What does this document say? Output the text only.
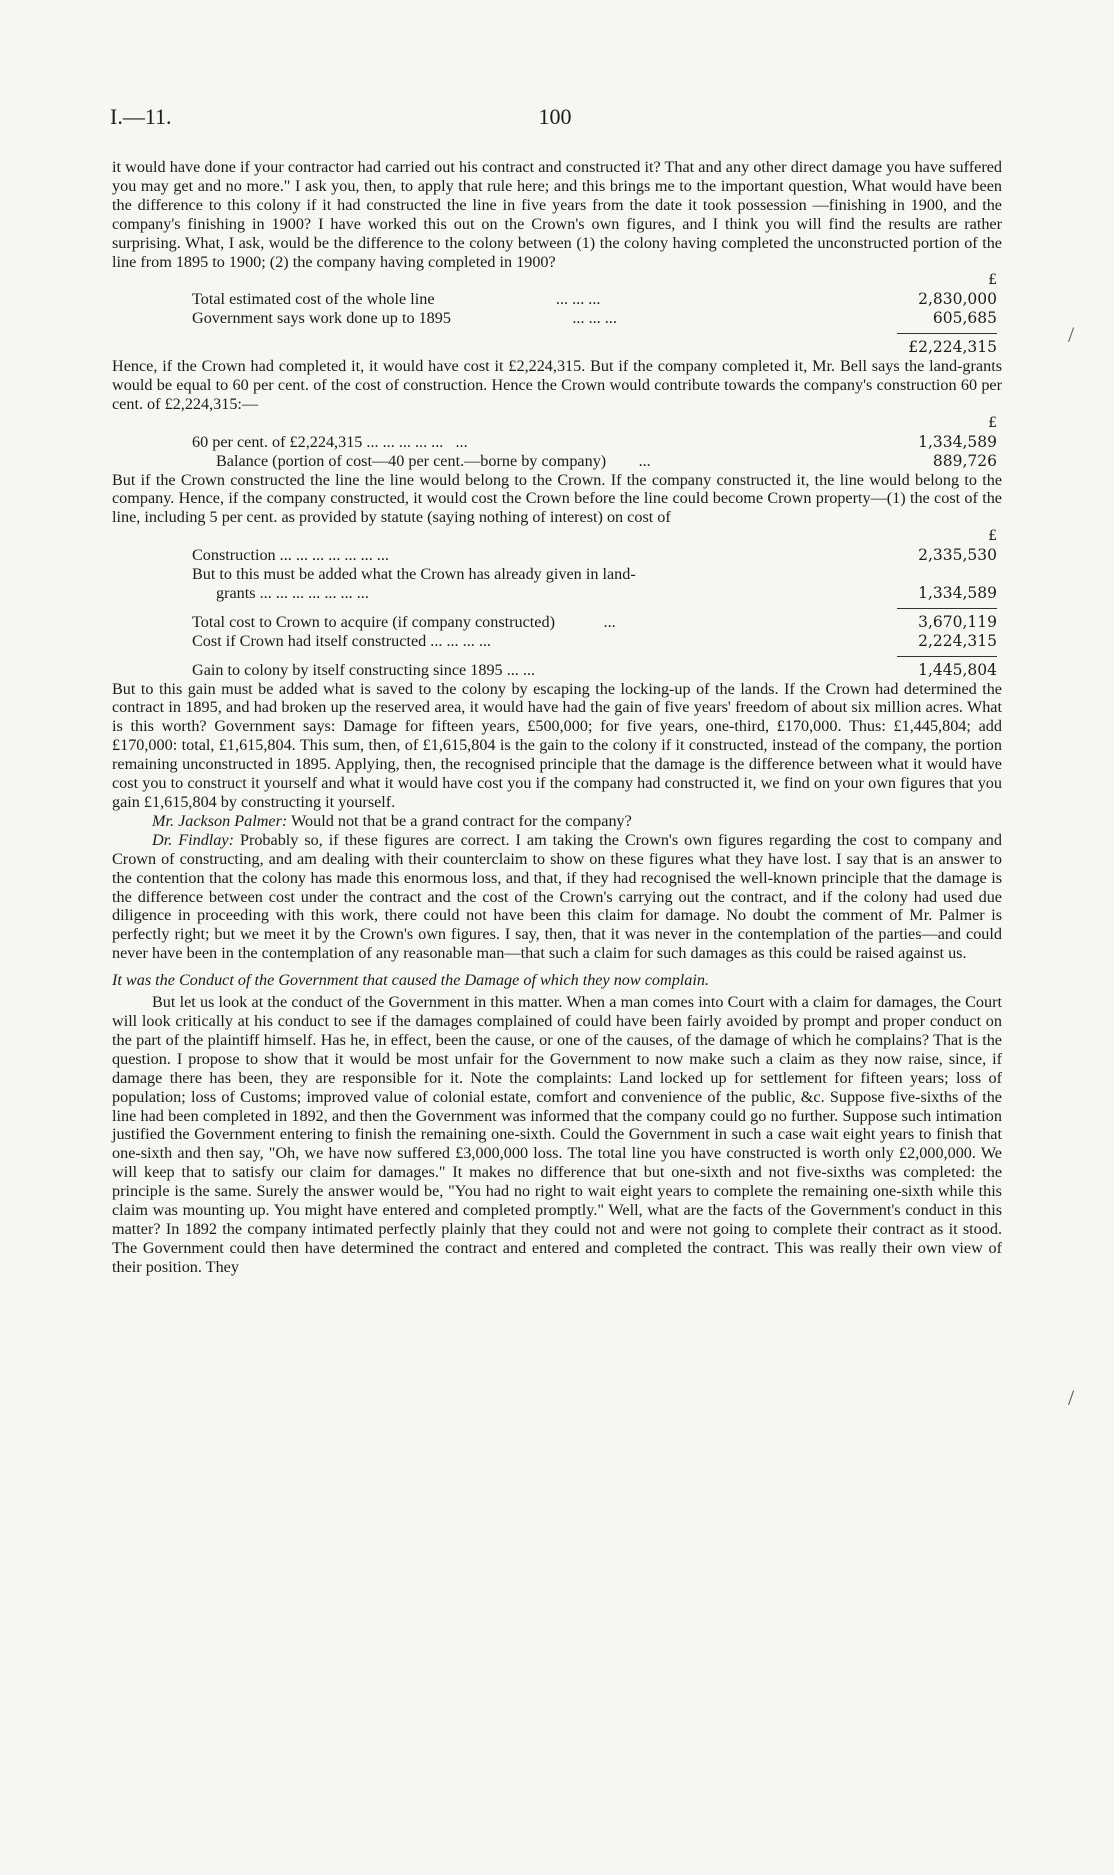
100
I.—11.

it would have done if your contractor had carried out his contract and constructed it? That and any other direct damage you have suffered you may get and no more." I ask you, then, to apply that rule here; and this brings me to the important question, What would have been the difference to this colony if it had constructed the line in five years from the date it took possession —finishing in 1900, and the company's finishing in 1900? I have worked this out on the Crown's own figures, and I think you will find the results are rather surprising. What, I ask, would be the difference to the colony between (1) the colony having completed the unconstructed portion of the line from 1895 to 1900; (2) the company having completed in 1900?

£
Total estimated cost of the whole line	... ... ...	2,830,000
Government says work done up to 1895	... ... ...	605,685
£2,224,315

Hence, if the Crown had completed it, it would have cost it £2,224,315. But if the company completed it, Mr. Bell says the land-grants would be equal to 60 per cent. of the cost of construction. Hence the Crown would contribute towards the company's construction 60 per cent. of £2,224,315:—

£
60 per cent. of £2,224,315 ... ... ... ... ... ...	1,334,589
Balance (portion of cost—40 per cent.—borne by company) ...	889,726

But if the Crown constructed the line the line would belong to the Crown. If the company constructed it, the line would belong to the company. Hence, if the company constructed, it would cost the Crown before the line could become Crown property—(1) the cost of the line, including 5 per cent. as provided by statute (saying nothing of interest) on cost of

£
Construction ... ... ... ... ... ... ...	2,335,530
But to this must be added what the Crown has already given in land-
grants ... ... ... ... ... ... ...	1,334,589
Total cost to Crown to acquire (if company constructed)	...	3,670,119
Cost if Crown had itself constructed ... ... ... ...	2,224,315
Gain to colony by itself constructing since 1895 ... ...	1,445,804

But to this gain must be added what is saved to the colony by escaping the locking-up of the lands. If the Crown had determined the contract in 1895, and had broken up the reserved area, it would have had the gain of five years' freedom of about six million acres. What is this worth? Government says: Damage for fifteen years, £500,000; for five years, one-third, £170,000. Thus: £1,445,804; add £170,000: total, £1,615,804. This sum, then, of £1,615,804 is the gain to the colony if it constructed, instead of the company, the portion remaining unconstructed in 1895. Applying, then, the recognised principle that the damage is the difference between what it would have cost you to construct it yourself and what it would have cost you if the company had constructed it, we find on your own figures that you gain £1,615,804 by constructing it yourself.

Mr. Jackson Palmer: Would not that be a grand contract for the company?

Dr. Findlay: Probably so, if these figures are correct. I am taking the Crown's own figures regarding the cost to company and Crown of constructing, and am dealing with their counterclaim to show on these figures what they have lost. I say that is an answer to the contention that the colony has made this enormous loss, and that, if they had recognised the well-known principle that the damage is the difference between cost under the contract and the cost of the Crown's carrying out the contract, and if the colony had used due diligence in proceeding with this work, there could not have been this claim for damage. No doubt the comment of Mr. Palmer is perfectly right; but we meet it by the Crown's own figures. I say, then, that it was never in the contemplation of the parties—and could never have been in the contemplation of any reasonable man—that such a claim for such damages as this could be raised against us.

It was the Conduct of the Government that caused the Damage of which they now complain.

But let us look at the conduct of the Government in this matter. When a man comes into Court with a claim for damages, the Court will look critically at his conduct to see if the damages complained of could have been fairly avoided by prompt and proper conduct on the part of the plaintiff himself. Has he, in effect, been the cause, or one of the causes, of the damage of which he complains? That is the question. I propose to show that it would be most unfair for the Government to now make such a claim as they now raise, since, if damage there has been, they are responsible for it. Note the complaints: Land locked up for settlement for fifteen years; loss of population; loss of Customs; improved value of colonial estate, comfort and convenience of the public, &c. Suppose five-sixths of the line had been completed in 1892, and then the Government was informed that the company could go no further. Suppose such intimation justified the Government entering to finish the remaining one-sixth. Could the Government in such a case wait eight years to finish that one-sixth and then say, "Oh, we have now suffered £3,000,000 loss. The total line you have constructed is worth only £2,000,000. We will keep that to satisfy our claim for damages." It makes no difference that but one-sixth and not five-sixths was completed: the principle is the same. Surely the answer would be, "You had no right to wait eight years to complete the remaining one-sixth while this claim was mounting up. You might have entered and completed promptly." Well, what are the facts of the Government's conduct in this matter? In 1892 the company intimated perfectly plainly that they could not and were not going to complete their contract as it stood. The Government could then have determined the contract and entered and completed the contract. This was really their own view of their position. They

/
/
